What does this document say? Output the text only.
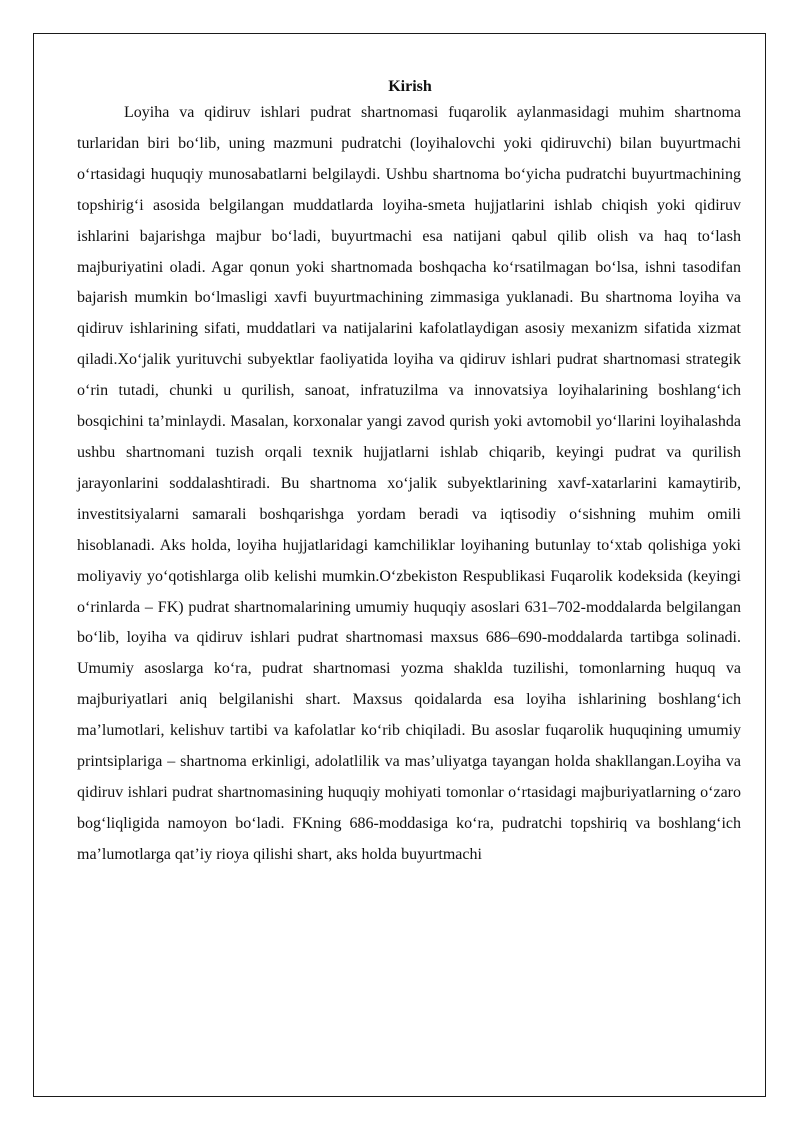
Kirish

Loyiha va qidiruv ishlari pudrat shartnomasi fuqarolik aylanmasidagi muhim shartnoma turlaridan biri bo‘lib, uning mazmuni pudratchi (loyihalovchi yoki qidiruvchi) bilan buyurtmachi o‘rtasidagi huquqiy munosabatlarni belgilaydi. Ushbu shartnoma bo‘yicha pudratchi buyurtmachining topshirig‘i asosida belgilangan muddatlarda loyiha-smeta hujjatlarini ishlab chiqish yoki qidiruv ishlarini bajarishga majbur bo‘ladi, buyurtmachi esa natijani qabul qilib olish va haq to‘lash majburiyatini oladi. Agar qonun yoki shartnomada boshqacha ko‘rsatilmagan bo‘lsa, ishni tasodifan bajarish mumkin bo‘lmasligi xavfi buyurtmachining zimmasiga yuklanadi. Bu shartnoma loyiha va qidiruv ishlarining sifati, muddatlari va natijalarini kafolatlaydigan asosiy mexanizm sifatida xizmat qiladi.Xo‘jalik yurituvchi subyektlar faoliyatida loyiha va qidiruv ishlari pudrat shartnomasi strategik o‘rin tutadi, chunki u qurilish, sanoat, infratuzilma va innovatsiya loyihalarining boshlang‘ich bosqichini ta’minlaydi. Masalan, korxonalar yangi zavod qurish yoki avtomobil yo‘llarini loyihalashda ushbu shartnomani tuzish orqali texnik hujjatlarni ishlab chiqarib, keyingi pudrat va qurilish jarayonlarini soddalashtiradi. Bu shartnoma xo‘jalik subyektlarining xavf-xatarlarini kamaytirib, investitsiyalarni samarali boshqarishga yordam beradi va iqtisodiy o‘sishning muhim omili hisoblanadi. Aks holda, loyiha hujjatlaridagi kamchiliklar loyihaning butunlay to‘xtab qolishiga yoki moliyaviy yo‘qotishlarga olib kelishi mumkin.O‘zbekiston Respublikasi Fuqarolik kodeksida (keyingi o‘rinlarda – FK) pudrat shartnomalarining umumiy huquqiy asoslari 631–702-moddalarda belgilangan bo‘lib, loyiha va qidiruv ishlari pudrat shartnomasi maxsus 686–690-moddalarda tartibga solinadi. Umumiy asoslarga ko‘ra, pudrat shartnomasi yozma shaklda tuzilishi, tomonlarning huquq va majburiyatlari aniq belgilanishi shart. Maxsus qoidalarda esa loyiha ishlarining boshlang‘ich ma’lumotlari, kelishuv tartibi va kafolatlar ko‘rib chiqiladi. Bu asoslar fuqarolik huquqining umumiy printsiplariga – shartnoma erkinligi, adolatlilik va mas’uliyatga tayangan holda shakllangan.Loyiha va qidiruv ishlari pudrat shartnomasining huquqiy mohiyati tomonlar o‘rtasidagi majburiyatlarning o‘zaro bog‘liqligida namoyon bo‘ladi. FKning 686-moddasiga ko‘ra, pudratchi topshiriq va boshlang‘ich ma’lumotlarga qat’iy rioya qilishi shart, aks holda buyurtmachi
